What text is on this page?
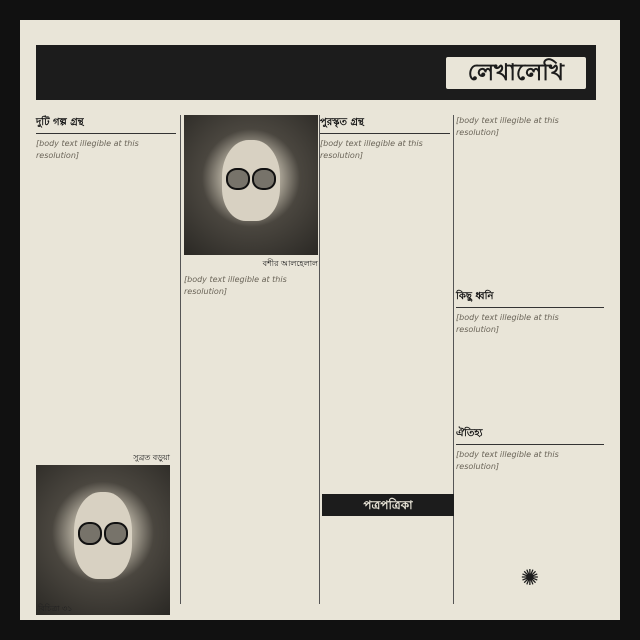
লেখালেখি
দুটি গল্প গ্রন্থ
[body text illegible at this resolution]
বশীর আলহেলাল
[body text illegible at this resolution]
সুব্রত বড়ুয়া
পুরস্কৃত গ্রন্থ
[body text illegible at this resolution]
পত্রপত্রিকা
[body text illegible at this resolution]
কিছু ধ্বনি
[body text illegible at this resolution]
ঐতিহ্য
[body text illegible at this resolution]
✺
বিচিত্রা ৩১
